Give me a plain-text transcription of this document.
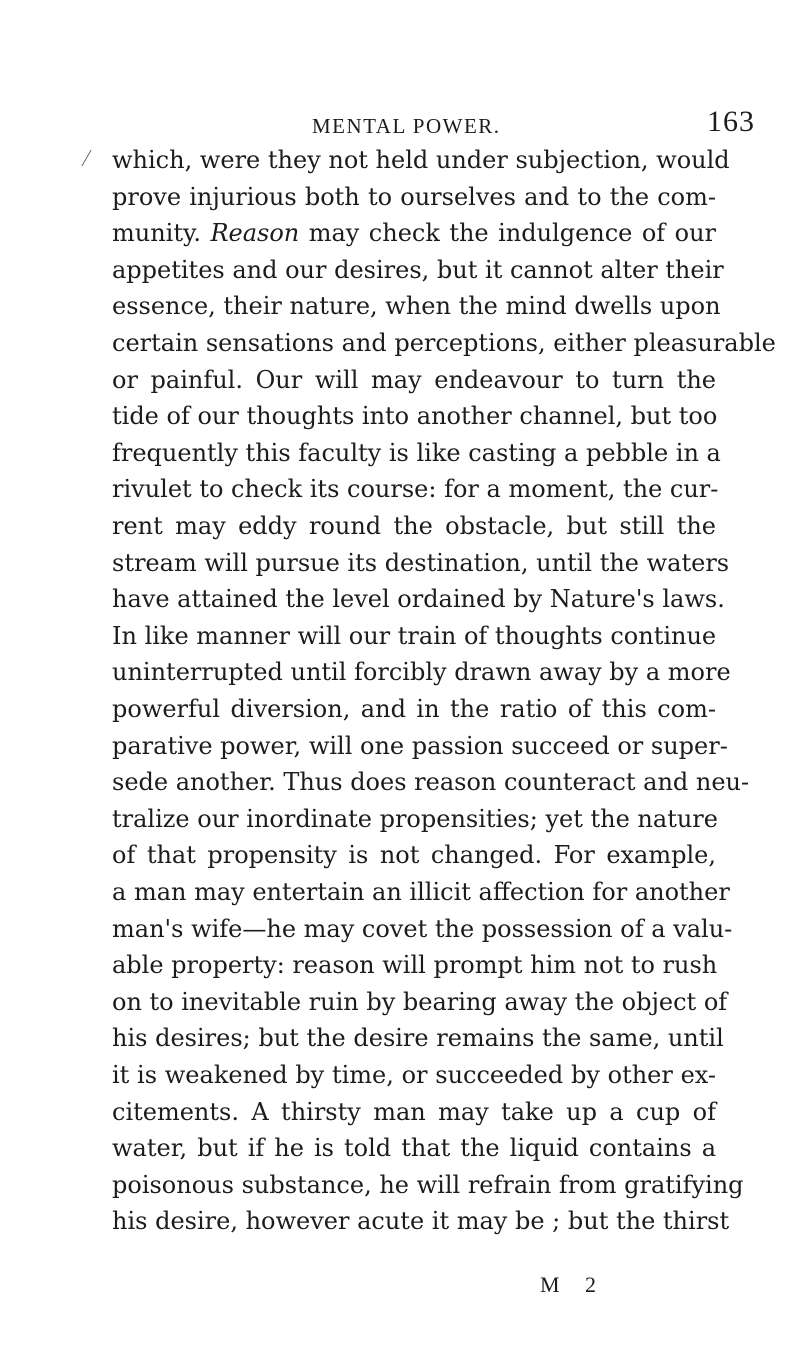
MENTAL POWER.	163
which, were they not held under subjection, would
prove injurious both to ourselves and to the com-
munity. Reason may check the indulgence of our
appetites and our desires, but it cannot alter their
essence, their nature, when the mind dwells upon
certain sensations and perceptions, either pleasurable
or painful. Our will may endeavour to turn the
tide of our thoughts into another channel, but too
frequently this faculty is like casting a pebble in a
rivulet to check its course: for a moment, the cur-
rent may eddy round the obstacle, but still the
stream will pursue its destination, until the waters
have attained the level ordained by Nature's laws.
In like manner will our train of thoughts continue
uninterrupted until forcibly drawn away by a more
powerful diversion, and in the ratio of this com-
parative power, will one passion succeed or super-
sede another. Thus does reason counteract and neu-
tralize our inordinate propensities; yet the nature
of that propensity is not changed. For example,
a man may entertain an illicit affection for another
man's wife—he may covet the possession of a valu-
able property: reason will prompt him not to rush
on to inevitable ruin by bearing away the object of
his desires; but the desire remains the same, until
it is weakened by time, or succeeded by other ex-
citements. A thirsty man may take up a cup of
water, but if he is told that the liquid contains a
poisonous substance, he will refrain from gratifying
his desire, however acute it may be ; but the thirst
M 2
